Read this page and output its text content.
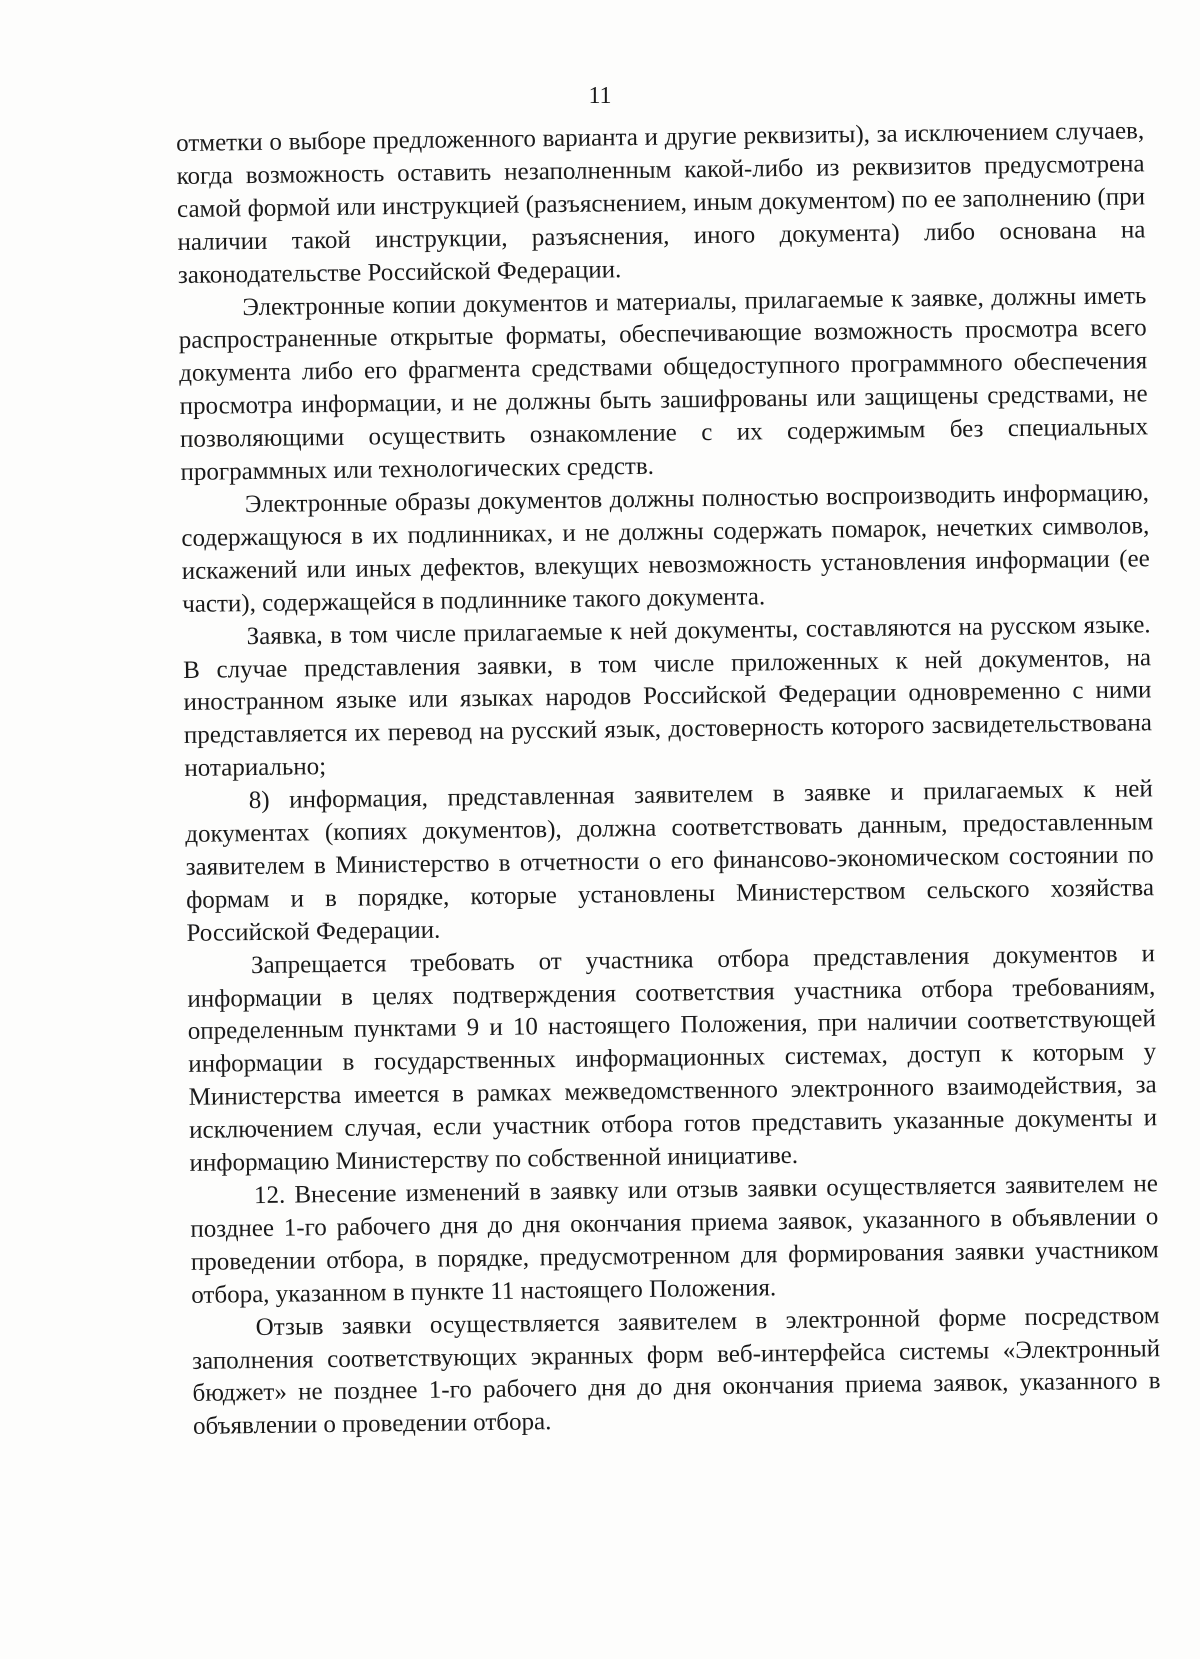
11

отметки о выборе предложенного варианта и другие реквизиты), за исключением случаев, когда возможность оставить незаполненным какой-либо из реквизитов предусмотрена самой формой или инструкцией (разъяснением, иным документом) по ее заполнению (при наличии такой инструкции, разъяснения, иного документа) либо основана на законодательстве Российской Федерации.

Электронные копии документов и материалы, прилагаемые к заявке, должны иметь распространенные открытые форматы, обеспечивающие возможность просмотра всего документа либо его фрагмента средствами общедоступного программного обеспечения просмотра информации, и не должны быть зашифрованы или защищены средствами, не позволяющими осуществить ознакомление с их содержимым без специальных программных или технологических средств.

Электронные образы документов должны полностью воспроизводить информацию, содержащуюся в их подлинниках, и не должны содержать помарок, нечетких символов, искажений или иных дефектов, влекущих невозможность установления информации (ее части), содержащейся в подлиннике такого документа.

Заявка, в том числе прилагаемые к ней документы, составляются на русском языке. В случае представления заявки, в том числе приложенных к ней документов, на иностранном языке или языках народов Российской Федерации одновременно с ними представляется их перевод на русский язык, достоверность которого засвидетельствована нотариально;

8) информация, представленная заявителем в заявке и прилагаемых к ней документах (копиях документов), должна соответствовать данным, предоставленным заявителем в Министерство в отчетности о его финансово-экономическом состоянии по формам и в порядке, которые установлены Министерством сельского хозяйства Российской Федерации.

Запрещается требовать от участника отбора представления документов и информации в целях подтверждения соответствия участника отбора требованиям, определенным пунктами 9 и 10 настоящего Положения, при наличии соответствующей информации в государственных информационных системах, доступ к которым у Министерства имеется в рамках межведомственного электронного взаимодействия, за исключением случая, если участник отбора готов представить указанные документы и информацию Министерству по собственной инициативе.

12. Внесение изменений в заявку или отзыв заявки осуществляется заявителем не позднее 1-го рабочего дня до дня окончания приема заявок, указанного в объявлении о проведении отбора, в порядке, предусмотренном для формирования заявки участником отбора, указанном в пункте 11 настоящего Положения.

Отзыв заявки осуществляется заявителем в электронной форме посредством заполнения соответствующих экранных форм веб-интерфейса системы «Электронный бюджет» не позднее 1-го рабочего дня до дня окончания приема заявок, указанного в объявлении о проведении отбора.
